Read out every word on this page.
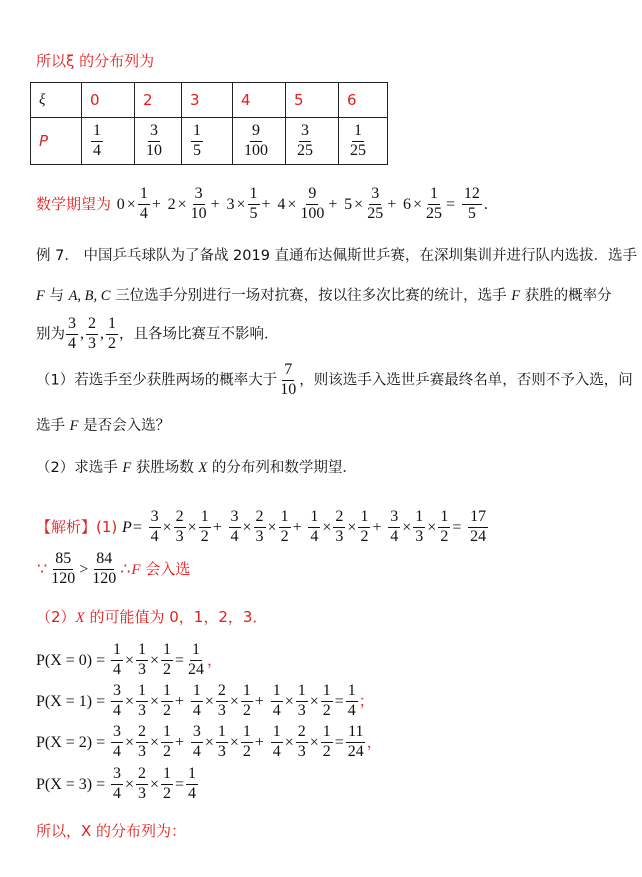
所以ξ 的分布列为
ξ	0	2	3	4	5	6
P	$\frac{1}{4}$	$\frac{3}{10}$	$\frac{1}{5}$	$\frac{9}{100}$	$\frac{3}{25}$	$\frac{1}{25}$
数学期望为 $0 \times \frac{1}{4} + 2 \times \frac{3}{10} + 3 \times \frac{1}{5} + 4 \times \frac{9}{100} + 5 \times \frac{3}{25} + 6 \times \frac{1}{25} = \frac{12}{5}$ .
例 7． 中国乒乓球队为了备战 2019 直通布达佩斯世乒赛，在深圳集训并进行队内选拔．选手
F 与 A, B, C 三位选手分别进行一场对抗赛，按以往多次比赛的统计，选手 F 获胜的概率分
别为 $\frac{3}{4}$ , $\frac{2}{3}$ , $\frac{1}{2}$ ，且各场比赛互不影响．
（1）若选手至少获胜两场的概率大于 $\frac{7}{10}$ ，则该选手入选世乒赛最终名单，否则不予入选，问
选手 F 是否会入选？
（2）求选手 F 获胜场数 X 的分布列和数学期望．
【解析】(1) $P= \frac{3}{4} \times \frac{2}{3} \times \frac{1}{2} + \frac{3}{4} \times \frac{2}{3} \times \frac{1}{2} + \frac{1}{4} \times \frac{2}{3} \times \frac{1}{2} + \frac{3}{4} \times \frac{1}{3} \times \frac{1}{2} = \frac{17}{24}$
∵ $\frac{85}{120} > \frac{84}{120}$ ∴F 会入选
（2）X 的可能值为 0，1，2，3．
$P(X = 0) = \frac{1}{4} \times \frac{1}{3} \times \frac{1}{2} = \frac{1}{24}$ ，
$P(X = 1) = \frac{3}{4} \times \frac{1}{3} \times \frac{1}{2} + \frac{1}{4} \times \frac{2}{3} \times \frac{1}{2} + \frac{1}{4} \times \frac{1}{3} \times \frac{1}{2} = \frac{1}{4}$ ；
$P(X = 2) = \frac{3}{4} \times \frac{2}{3} \times \frac{1}{2} + \frac{3}{4} \times \frac{1}{3} \times \frac{1}{2} + \frac{1}{4} \times \frac{2}{3} \times \frac{1}{2} = \frac{11}{24}$ ，
$P(X = 3) = \frac{3}{4} \times \frac{2}{3} \times \frac{1}{2} = \frac{1}{4}$
所以，X 的分布列为：
